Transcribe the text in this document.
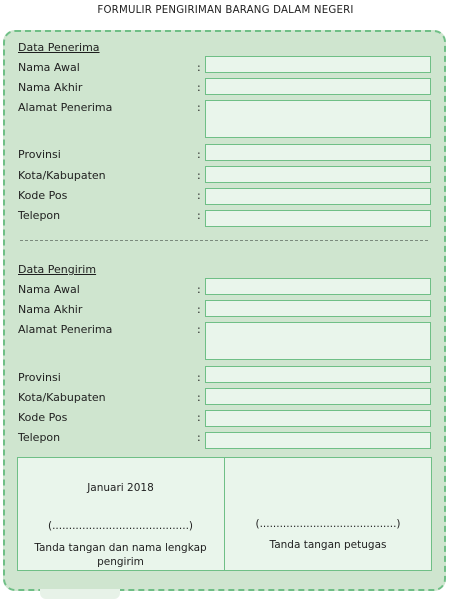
FORMULIR PENGIRIMAN BARANG DALAM NEGERI
Data Penerima
Nama Awal	:
Nama Akhir	:
Alamat Penerima	:
Provinsi	:
Kota/Kabupaten	:
Kode Pos	:
Telepon	:
Data Pengirim
Nama Awal	:
Nama Akhir	:
Alamat Penerima	:
Provinsi	:
Kota/Kabupaten	:
Kode Pos	:
Telepon	:
Januari 2018
(.........................................)
Tanda tangan dan nama lengkap pengirim
(.........................................)
Tanda tangan petugas
